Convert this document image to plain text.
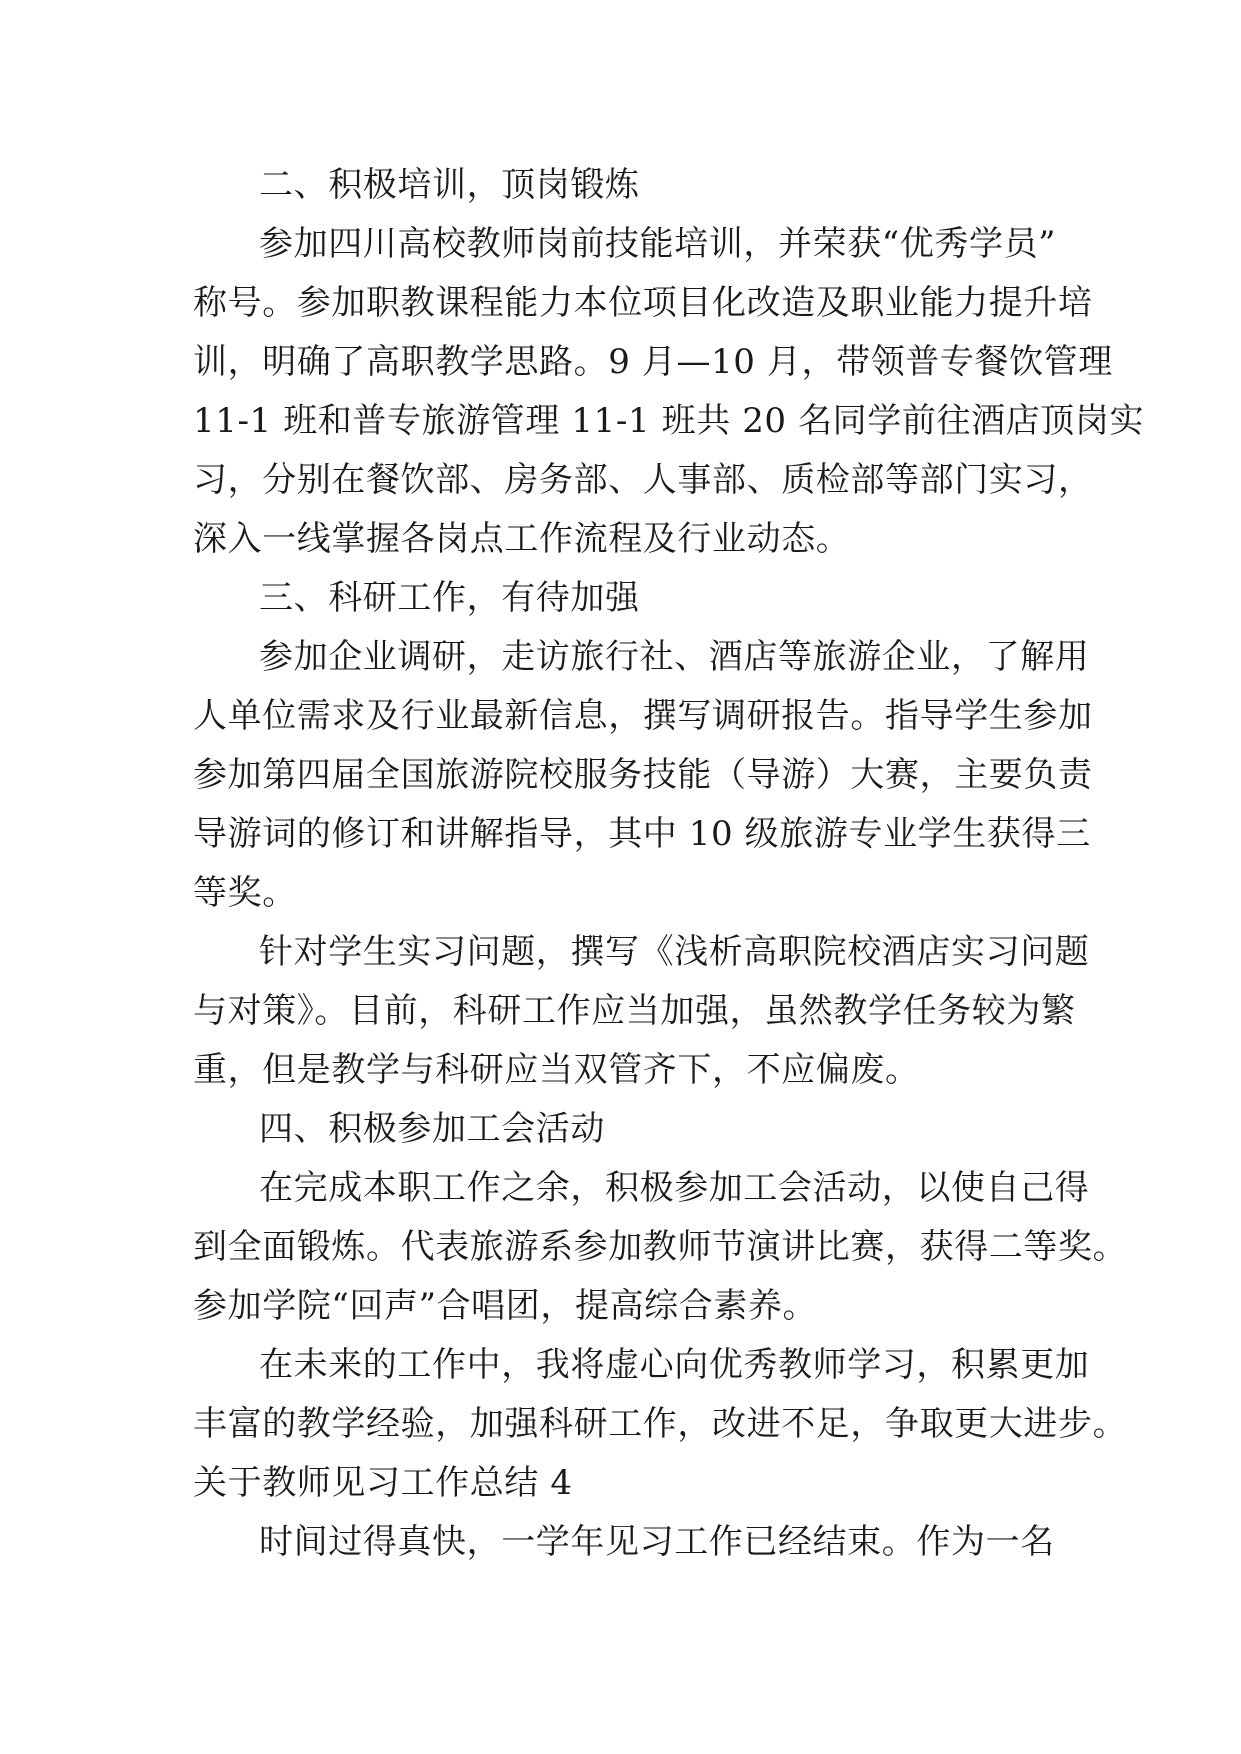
二、积极培训，顶岗锻炼
参加四川高校教师岗前技能培训，并荣获“优秀学员”
称号。参加职教课程能力本位项目化改造及职业能力提升培
训，明确了高职教学思路。9 月—10 月，带领普专餐饮管理
11-1 班和普专旅游管理 11-1 班共 20 名同学前往酒店顶岗实
习，分别在餐饮部、房务部、人事部、质检部等部门实习，
深入一线掌握各岗点工作流程及行业动态。
三、科研工作，有待加强
参加企业调研，走访旅行社、酒店等旅游企业，了解用
人单位需求及行业最新信息，撰写调研报告。指导学生参加
参加第四届全国旅游院校服务技能（导游）大赛，主要负责
导游词的修订和讲解指导，其中 10 级旅游专业学生获得三
等奖。
针对学生实习问题，撰写《浅析高职院校酒店实习问题
与对策》。目前，科研工作应当加强，虽然教学任务较为繁
重，但是教学与科研应当双管齐下，不应偏废。
四、积极参加工会活动
在完成本职工作之余，积极参加工会活动，以使自己得
到全面锻炼。代表旅游系参加教师节演讲比赛，获得二等奖。
参加学院“回声”合唱团，提高综合素养。
在未来的工作中，我将虚心向优秀教师学习，积累更加
丰富的教学经验，加强科研工作，改进不足，争取更大进步。
关于教师见习工作总结 4
时间过得真快，一学年见习工作已经结束。作为一名
